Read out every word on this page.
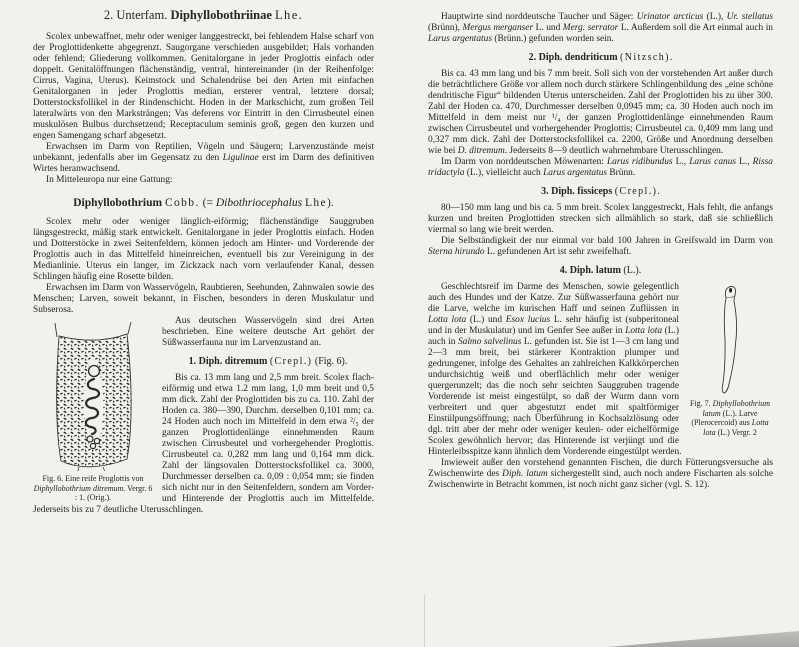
2. Unterfam. Diphyllobothriinae Lhe.

Scolex unbewaffnet, mehr oder weniger langgestreckt, bei fehlendem Halse scharf von der Proglottidenkette abgegrenzt. Saugorgane verschieden ausgebildet; Hals vorhanden oder fehlend; Gliederung vollkommen. Genitalorgane in jeder Proglottis einfach oder doppelt. Genitalöffnungen flächenständig, ventral, hintereinander (in der Reihenfolge: Cirrus, Vagina, Uterus). Keimstock und Schalendrüse bei den Arten mit einfachen Genitalorganen in jeder Proglottis median, ersterer ventral, letztere dorsal; Dotterstocksfollikel in der Rindenschicht. Hoden in der Markschicht, zum großen Teil lateralwärts von den Marksträngen; Vas deferens vor Eintritt in den Cirrusbeutel einen muskulösen Bulbus durchsetzend; Receptaculum seminis groß, gegen den kurzen und engen Samengang scharf abgesetzt.

Erwachsen im Darm von Reptilien, Vögeln und Säugern; Larvenzustände meist unbekannt, jedenfalls aber im Gegensatz zu den Ligulinae erst im Darm des definitiven Wirtes heranwachsend.

In Mitteleuropa nur eine Gattung:

Diphyllobothrium Cobb. (= Dibothriocephalus Lhe).

Scolex mehr oder weniger länglich-eiförmig; flächenständige Sauggruben längsgestreckt, mäßig stark entwickelt. Genitalorgane in jeder Proglottis einfach. Hoden und Dotterstöcke in zwei Seitenfeldern, können jedoch am Hinter- und Vorderende der Proglottis auch in das Mittelfeld hineinreichen, eventuell bis zur Vereinigung in der Medianlinie. Uterus ein langer, im Zickzack nach vorn verlaufender Kanal, dessen Schlingen häufig eine Rosette bilden.

Erwachsen im Darm von Wasservögeln, Raubtieren, Seehunden, Zahnwalen sowie des Menschen; Larven, soweit bekannt, in Fischen, besonders in deren Muskulatur und Subserosa.

Fig. 6. Eine reife Proglottis von Diphyllobothrium ditremum. Vergr. 6 : 1. (Orig.).

Aus deutschen Wasservögeln sind drei Arten beschrieben. Eine weitere deutsche Art gehört der Süßwasserfauna nur im Larvenzustand an.

1. Diph. ditremum (Crepl.) (Fig. 6).

Bis ca. 13 mm lang und 2,5 mm breit. Scolex flach-eiförmig und etwa 1.2 mm lang, 1,0 mm breit und 0,5 mm dick. Zahl der Proglottiden bis zu ca. 110. Zahl der Hoden ca. 380—390, Durchm. derselben 0,101 mm; ca. 24 Hoden auch noch im Mittelfeld in dem etwa ²/₅ der ganzen Proglottidenlänge einnehmenden Raum zwischen Cirrusbeutel und vorhergehender Proglottis. Cirrusbeutel ca. 0,282 mm lang und 0,164 mm dick. Zahl der längsovalen Dotterstocksfollikel ca. 3000, Durchmesser derselben ca. 0,09 : 0,054 mm; sie finden sich nicht nur in den Seitenfeldern, sondern am Vorder- und Hinterende der Proglottis auch im Mittelfelde. Jederseits bis zu 7 deutliche Uterusschlingen.

Hauptwirte sind norddeutsche Taucher und Säger: Urinator arcticus (L.), Ur. stellatus (Brünn), Mergus merganser L. und Merg. serrator L. Außerdem soll die Art einmal auch in Larus argentatus (Brünn.) gefunden worden sein.

2. Diph. dendriticum (Nitzsch).

Bis ca. 43 mm lang und bis 7 mm breit. Soll sich von der vorstehenden Art außer durch die beträchtlichere Größe vor allem noch durch stärkere Schlingenbildung des „eine schöne dendritische Figur“ bildenden Uterus unterscheiden. Zahl der Proglottiden bis zu über 300. Zahl der Hoden ca. 470, Durchmesser derselben 0,0945 mm; ca. 30 Hoden auch noch im Mittelfeld in dem meist nur ¹/₄ der ganzen Proglottidenlänge einnehmenden Raum zwischen Cirrusbeutel und vorhergehender Proglottis; Cirrusbeutel ca. 0,409 mm lang und 0,327 mm dick. Zahl der Dotterstocksfollikel ca. 2200, Größe und Anordnung derselben wie bei D. ditremum. Jederseits 8—9 deutlich wahrnehmbare Uterusschlingen.

Im Darm von norddeutschen Möwenarten: Larus ridibundus L., Larus canus L., Rissa tridactyla (L.), vielleicht auch Larus argentatus Brünn.

3. Diph. fissiceps (Crepl.).

80—150 mm lang und bis ca. 5 mm breit. Scolex langgestreckt, Hals fehlt, die anfangs kurzen und breiten Proglottiden strecken sich allmählich so stark, daß sie schließlich viermal so lang wie breit werden.

Die Selbständigkeit der nur einmal vor bald 100 Jahren in Greifswald im Darm von Sterna hirundo L. gefundenen Art ist sehr zweifelhaft.

4. Diph. latum (L.).
Fig. 7. Diphyllobothrium latum (L.). Larve (Plerocercoid) aus Lotta lota (L.) Vergr. 2

Geschlechtsreif im Darme des Menschen, sowie gelegentlich auch des Hundes und der Katze. Zur Süßwasserfauna gehört nur die Larve, welche im kurischen Haff und seinen Zuflüssen in Lotta lota (L.) und Esox lucius L. sehr häufig ist (subperitoneal und in der Muskulatur) und im Genfer See außer in Lotta lota (L.) auch in Salmo salvelinus L. gefunden ist. Sie ist 1—3 cm lang und 2—3 mm breit, bei stärkerer Kontraktion plumper und gedrungener, infolge des Gehaltes an zahlreichen Kalkkörperchen undurchsichtig weiß und oberflächlich mehr oder weniger quergerunzelt; das die noch sehr seichten Sauggruben tragende Vorderende ist meist eingestülpt, so daß der Wurm dann vorn verbreitert und quer abgestutzt endet mit spaltförmiger Einstülpungsöffnung; nach Überführung in Kochsalzlösung oder dgl. tritt aber der mehr oder weniger keulen- oder eichelförmige Scolex gewöhnlich hervor; das Hinterende ist verjüngt und die Hinterleibsspitze kann ähnlich dem Vorderende eingestülpt werden.

Inwieweit außer den vorstehend genannten Fischen, die durch Fütterungsversuche als Zwischenwirte des Diph. latum sichergestellt sind, auch noch andere Fischarten als solche Zwischenwirte in Betracht kommen, ist noch nicht ganz sicher (vgl. S. 12).
